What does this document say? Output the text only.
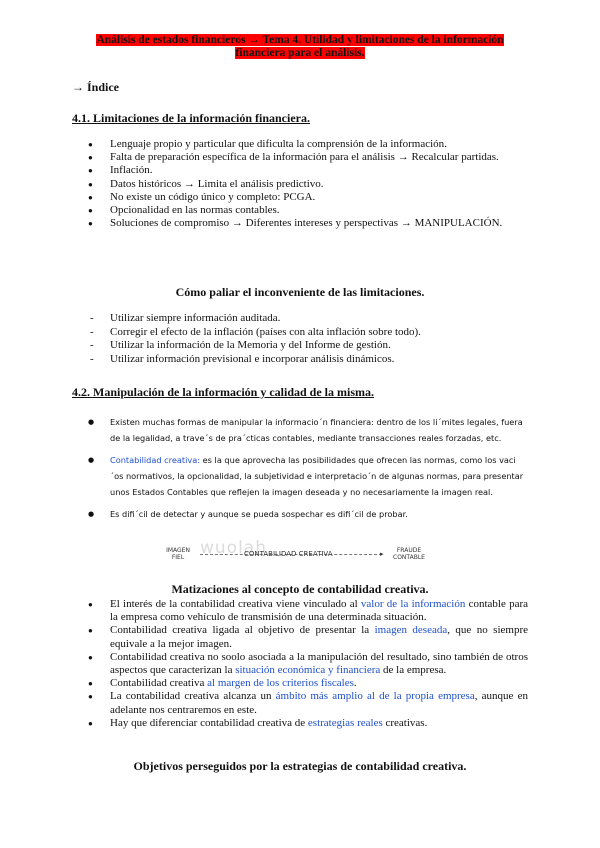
Análisis de estados financieros → Tema 4. Utilidad y limitaciones de la información financiera para el análisis.
→ Índice
4.1. Limitaciones de la información financiera.
● Lenguaje propio y particular que dificulta la comprensión de la información.
● Falta de preparación específica de la información para el análisis → Recalcular partidas.
● Inflación.
● Datos históricos → Limita el análisis predictivo.
● No existe un código único y completo: PCGA.
● Opcionalidad en las normas contables.
● Soluciones de compromiso → Diferentes intereses y perspectivas → MANIPULACIÓN.
Cómo paliar el inconveniente de las limitaciones.
- Utilizar siempre información auditada.
- Corregir el efecto de la inflación (países con alta inflación sobre todo).
- Utilizar la información de la Memoria y del Informe de gestión.
- Utilizar información previsional e incorporar análisis dinámicos.
4.2. Manipulación de la información y calidad de la misma.
● Existen muchas formas de manipular la informacio´n financiera: dentro de los li´mites legales, fuera de la legalidad, a trave´s de pra´cticas contables, mediante transacciones reales forzadas, etc.
● Contabilidad creativa: es la que aprovecha las posibilidades que ofrecen las normas, como los vaci´os normativos, la opcionalidad, la subjetividad e interpretacio´n de algunas normas, para presentar unos Estados Contables que reflejen la imagen deseada y no necesariamente la imagen real.
● Es difi´cil de detectar y aunque se pueda sospechar es difi´cil de probar.
wuolah
IMAGEN FIEL	CONTABILIDAD CREATIVA	▸	FRAUDE CONTABLE
Matizaciones al concepto de contabilidad creativa.
● El interés de la contabilidad creativa viene vinculado al valor de la información contable para la empresa como vehículo de transmisión de una determinada situación.
● Contabilidad creativa ligada al objetivo de presentar la imagen deseada, que no siempre equivale a la mejor imagen.
● Contabilidad creativa no soolo asociada a la manipulación del resultado, sino también de otros aspectos que caracterizan la situación económica y financiera de la empresa.
● Contabilidad creativa al margen de los criterios fiscales.
● La contabilidad creativa alcanza un ámbito más amplio al de la propia empresa, aunque en adelante nos centraremos en este.
● Hay que diferenciar contabilidad creativa de estrategias reales creativas.
Objetivos perseguidos por la estrategias de contabilidad creativa.
